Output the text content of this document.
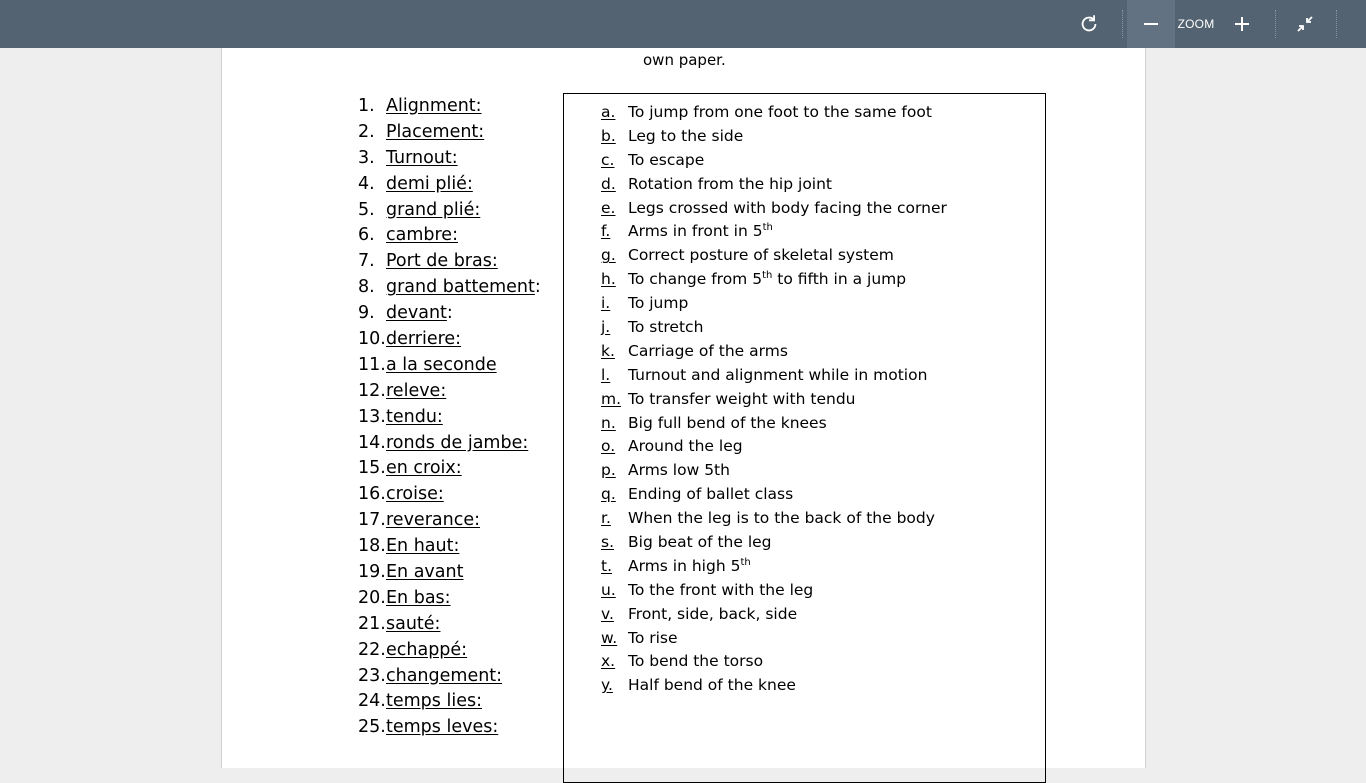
ZOOM
own paper.
1. Alignment:
2. Placement:
3. Turnout:
4. demi plié:
5. grand plié:
6. cambre:
7. Port de bras:
8. grand battement :
9. devant :
10. derriere:
11. a la seconde
12. releve:
13. tendu:
14. ronds de jambe:
15. en croix:
16. croise:
17. reverance:
18. En haut:
19. En avant
20. En bas:
21. sauté:
22. echappé:
23. changement:
24. temps lies:
25. temps leves:
a. To jump from one foot to the same foot
b. Leg to the side
c. To escape
d. Rotation from the hip joint
e. Legs crossed with body facing the corner
f.	Arms in front in 5th
g. Correct posture of skeletal system
h. To change from 5th to fifth in a jump
i.	To jump
j.	To stretch
k. Carriage of the arms
l.	Turnout and alignment while in motion
m. To transfer weight with tendu
n. Big full bend of the knees
o. Around the leg
p. Arms low 5th
q. Ending of ballet class
r.	When the leg is to the back of the body
s. Big beat of the leg
t.	Arms in high 5th
u. To the front with the leg
v. Front, side, back, side
w. To rise
x. To bend the torso
y. Half bend of the knee
